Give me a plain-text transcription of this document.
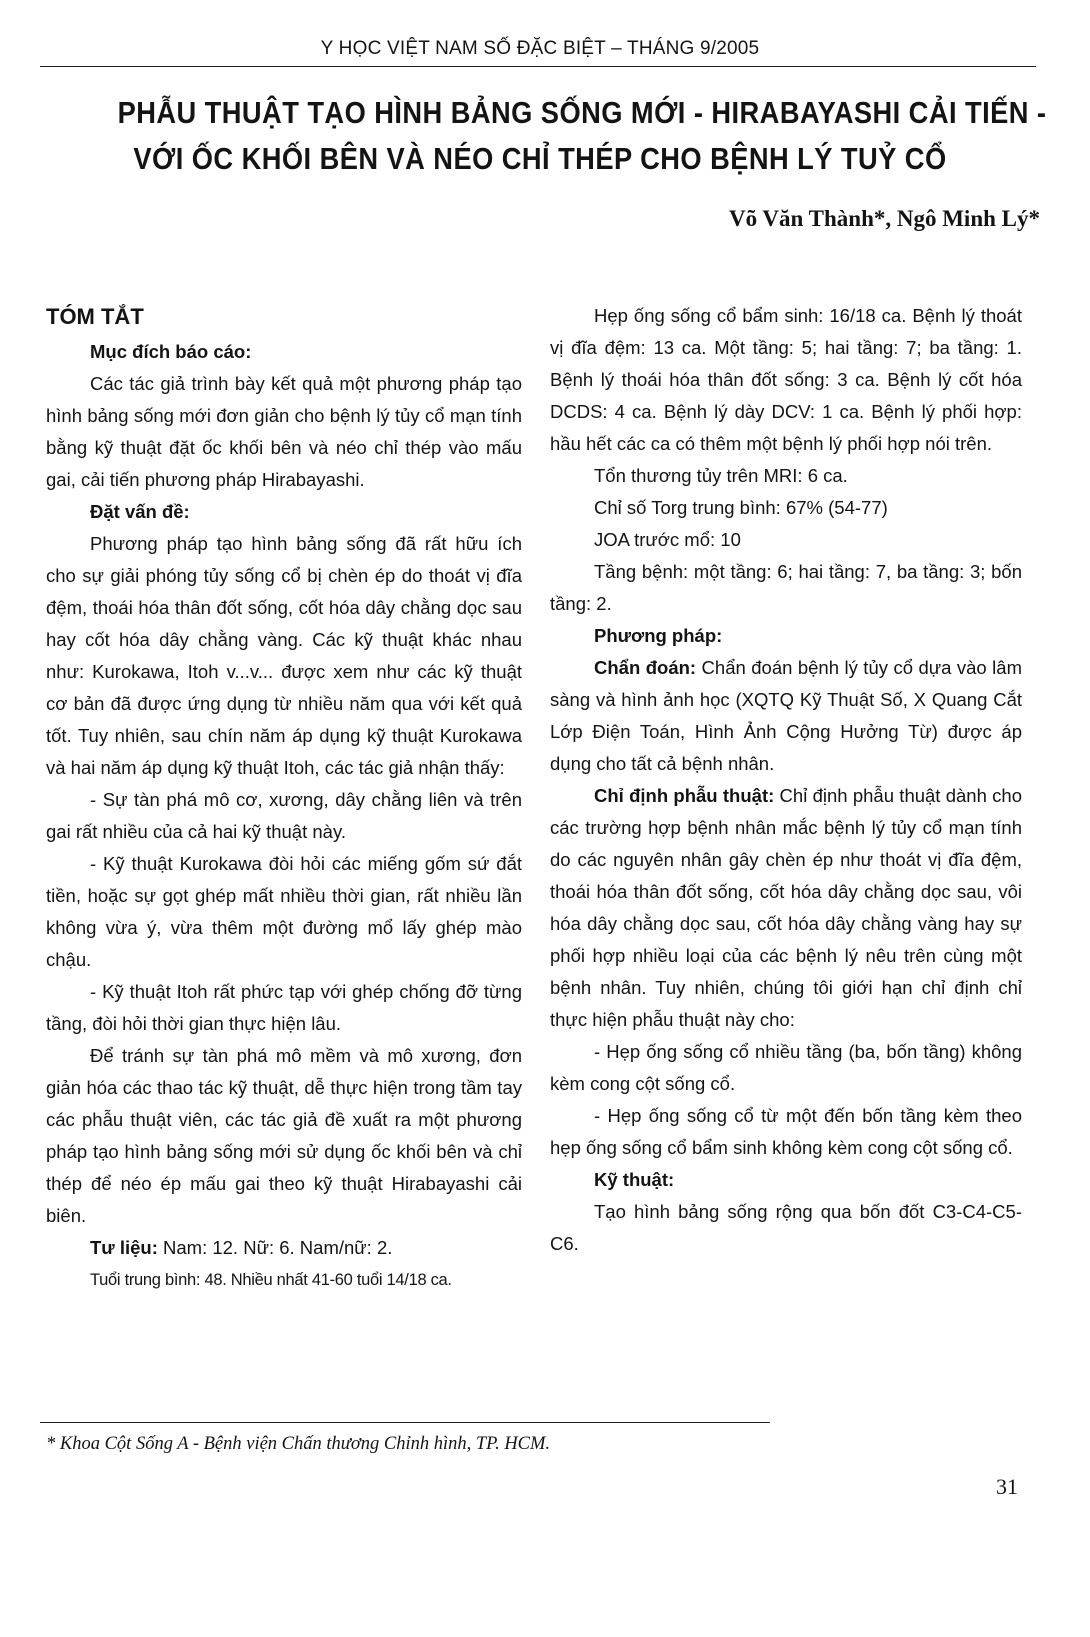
Y HỌC VIỆT NAM SỐ ĐẶC BIỆT – THÁNG 9/2005
PHẪU THUẬT TẠO HÌNH BẢNG SỐNG MỚI - HIRABAYASHI CẢI TIẾN -
VỚI ỐC KHỐI BÊN VÀ NÉO CHỈ THÉP CHO BỆNH LÝ TUỶ CỔ
Võ Văn Thành*, Ngô Minh Lý*
TÓM TẮT

Mục đích báo cáo:

Các tác giả trình bày kết quả một phương pháp tạo hình bảng sống mới đơn giản cho bệnh lý tủy cổ mạn tính bằng kỹ thuật đặt ốc khối bên và néo chỉ thép vào mấu gai, cải tiến phương pháp Hirabayashi.

Đặt vấn đề:

Phương pháp tạo hình bảng sống đã rất hữu ích cho sự giải phóng tủy sống cổ bị chèn ép do thoát vị đĩa đệm, thoái hóa thân đốt sống, cốt hóa dây chằng dọc sau hay cốt hóa dây chằng vàng. Các kỹ thuật khác nhau như: Kurokawa, Itoh v...v... được xem như các kỹ thuật cơ bản đã được ứng dụng từ nhiều năm qua với kết quả tốt. Tuy nhiên, sau chín năm áp dụng kỹ thuật Kurokawa và hai năm áp dụng kỹ thuật Itoh, các tác giả nhận thấy:

- Sự tàn phá mô cơ, xương, dây chằng liên và trên gai rất nhiều của cả hai kỹ thuật này.

- Kỹ thuật Kurokawa đòi hỏi các miếng gốm sứ đắt tiền, hoặc sự gọt ghép mất nhiều thời gian, rất nhiều lần không vừa ý, vừa thêm một đường mổ lấy ghép mào chậu.

- Kỹ thuật Itoh rất phức tạp với ghép chống đỡ từng tầng, đòi hỏi thời gian thực hiện lâu.

Để tránh sự tàn phá mô mềm và mô xương, đơn giản hóa các thao tác kỹ thuật, dễ thực hiện trong tầm tay các phẫu thuật viên, các tác giả đề xuất ra một phương pháp tạo hình bảng sống mới sử dụng ốc khối bên và chỉ thép để néo ép mấu gai theo kỹ thuật Hirabayashi cải biên.

Tư liệu: Nam: 12. Nữ: 6. Nam/nữ: 2.

Tuổi trung bình: 48. Nhiều nhất 41-60 tuổi 14/18 ca.

Hẹp ống sống cổ bẩm sinh: 16/18 ca. Bệnh lý thoát vị đĩa đệm: 13 ca. Một tầng: 5; hai tầng: 7; ba tầng: 1. Bệnh lý thoái hóa thân đốt sống: 3 ca. Bệnh lý cốt hóa DCDS: 4 ca. Bệnh lý dày DCV: 1 ca. Bệnh lý phối hợp: hầu hết các ca có thêm một bệnh lý phối hợp nói trên.

Tổn thương tủy trên MRI: 6 ca.

Chỉ số Torg trung bình: 67% (54-77)

JOA trước mổ: 10

Tầng bệnh: một tầng: 6; hai tầng: 7, ba tầng: 3; bốn tầng: 2.

Phương pháp:

Chẩn đoán: Chẩn đoán bệnh lý tủy cổ dựa vào lâm sàng và hình ảnh học (XQTQ Kỹ Thuật Số, X Quang Cắt Lớp Điện Toán, Hình Ảnh Cộng Hưởng Từ) được áp dụng cho tất cả bệnh nhân.

Chỉ định phẫu thuật: Chỉ định phẫu thuật dành cho các trường hợp bệnh nhân mắc bệnh lý tủy cổ mạn tính do các nguyên nhân gây chèn ép như thoát vị đĩa đệm, thoái hóa thân đốt sống, cốt hóa dây chằng dọc sau, vôi hóa dây chằng dọc sau, cốt hóa dây chằng vàng hay sự phối hợp nhiều loại của các bệnh lý nêu trên cùng một bệnh nhân. Tuy nhiên, chúng tôi giới hạn chỉ định chỉ thực hiện phẫu thuật này cho:

- Hẹp ống sống cổ nhiều tầng (ba, bốn tầng) không kèm cong cột sống cổ.

- Hẹp ống sống cổ từ một đến bốn tầng kèm theo hẹp ống sống cổ bẩm sinh không kèm cong cột sống cổ.

Kỹ thuật:

Tạo hình bảng sống rộng qua bốn đốt C3-C4-C5-C6.

* Khoa Cột Sống A - Bệnh viện Chấn thương Chỉnh hình, TP. HCM.
31
